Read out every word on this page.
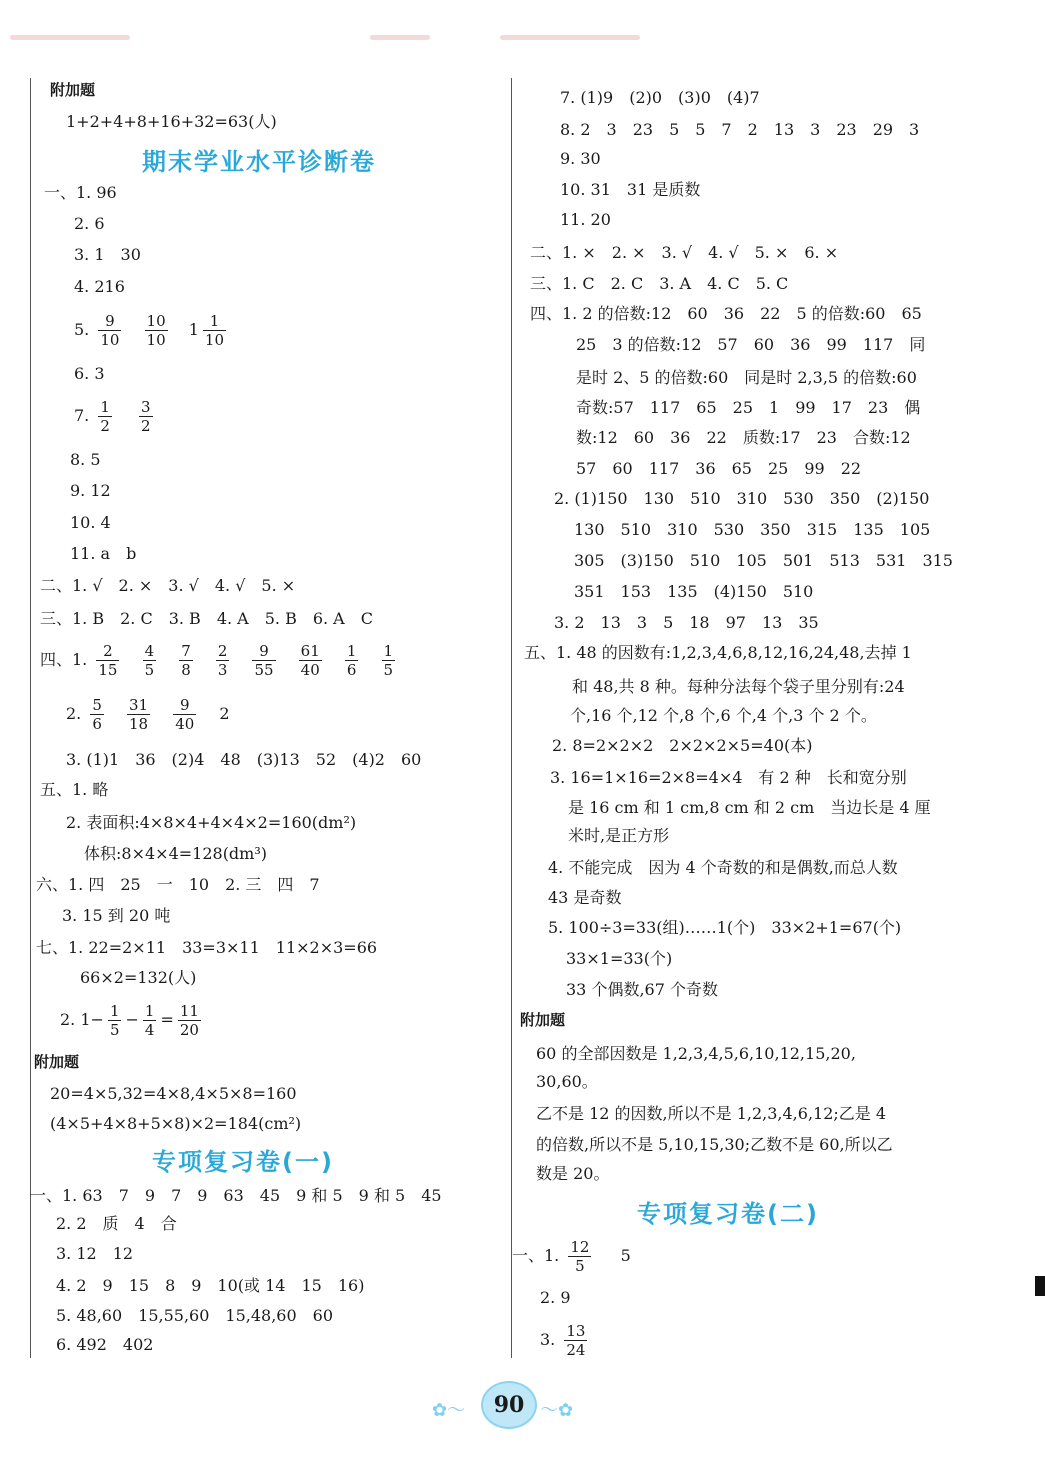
附加题
1+2+4+8+16+32=63(人)
期末学业水平诊断卷
一、1. 96
2. 6
3. 1　30
4. 216
5. $\frac{9}{10}$
$\frac{10}{10} 1 \frac{1}{10}$
6. 3
7. $\frac{1}{2}$
$\frac{3}{2}$
8. 5
9. 12
10. 4
11. a　b
二、1. √　2. ×　3. √　4. √　5. ×
三、1. B　2. C　3. B　4. A　5. B　6. A　C
四、1. $\frac{2}{15}$
$\frac{4}{5}$
$\frac{7}{8}$
$\frac{2}{3}$
$\frac{9}{55}$
$\frac{61}{40}$
$\frac{1}{6}$
$\frac{1}{5}$
2. $\frac{5}{6}$
$\frac{31}{18}$
$\frac{9}{40} 2$
3. (1)1　36　(2)4　48　(3)13　52　(4)2　60
五、1. 略
2. 表面积:4×8×4+4×4×2=160(dm²)
体积:8×4×4=128(dm³)
六、1. 四　25　一　10　2. 三　四　7
3. 15 到 20 吨
七、1. 22=2×11　33=3×11　11×2×3=66
66×2=132(人)
2. $1- \frac{1}{5} - \frac{1}{4} = \frac{11}{20}$
附加题
20=4×5,32=4×8,4×5×8=160
(4×5+4×8+5×8)×2=184(cm²)
专项复习卷(一)
一、1. 63　7　9　7　9　63　45　9 和 5　9 和 5　45
2. 2　质　4　合
3. 12　12
4. 2　9　15　8　9　10(或 14　15　16)
5. 48,60　15,55,60　15,48,60　60
6. 492　402
7. (1)9　(2)0　(3)0　(4)7
8. 2　3　23　5　5　7　2　13　3　23　29　3
9. 30
10. 31　31 是质数
11. 20
二、1. ×　2. ×　3. √　4. √　5. ×　6. ×
三、1. C　2. C　3. A　4. C　5. C
四、1. 2 的倍数:12　60　36　22　5 的倍数:60　65
25　3 的倍数:12　57　60　36　99　117　同
是时 2、5 的倍数:60　同是时 2,3,5 的倍数:60
奇数:57　117　65　25　1　99　17　23　偶
数:12　60　36　22　质数:17　23　合数:12
57　60　117　36　65　25　99　22
2. (1)150　130　510　310　530　350　(2)150
130　510　310　530　350　315　135　105
305　(3)150　510　105　501　513　531　315
351　153　135　(4)150　510
3. 2　13　3　5　18　97　13　35
五、1. 48 的因数有:1,2,3,4,6,8,12,16,24,48,去掉 1
和 48,共 8 种。每种分法每个袋子里分别有:24
个,16 个,12 个,8 个,6 个,4 个,3 个 2 个。
2. 8=2×2×2　2×2×2×5=40(本)
3. 16=1×16=2×8=4×4　有 2 种　长和宽分别
是 16 cm 和 1 cm,8 cm 和 2 cm　当边长是 4 厘
米时,是正方形
4. 不能完成　因为 4 个奇数的和是偶数,而总人数
43 是奇数
5. 100÷3=33(组)……1(个)　33×2+1=67(个)
33×1=33(个)
33 个偶数,67 个奇数
附加题
60 的全部因数是 1,2,3,4,5,6,10,12,15,20,
30,60。
乙不是 12 的因数,所以不是 1,2,3,4,6,12;乙是 4
的倍数,所以不是 5,10,15,30;乙数不是 60,所以乙
数是 20。
专项复习卷(二)
一、1. $\frac{12}{5} 5$
2. 9
3. $\frac{13}{24}$
✿〜	90 〜✿
